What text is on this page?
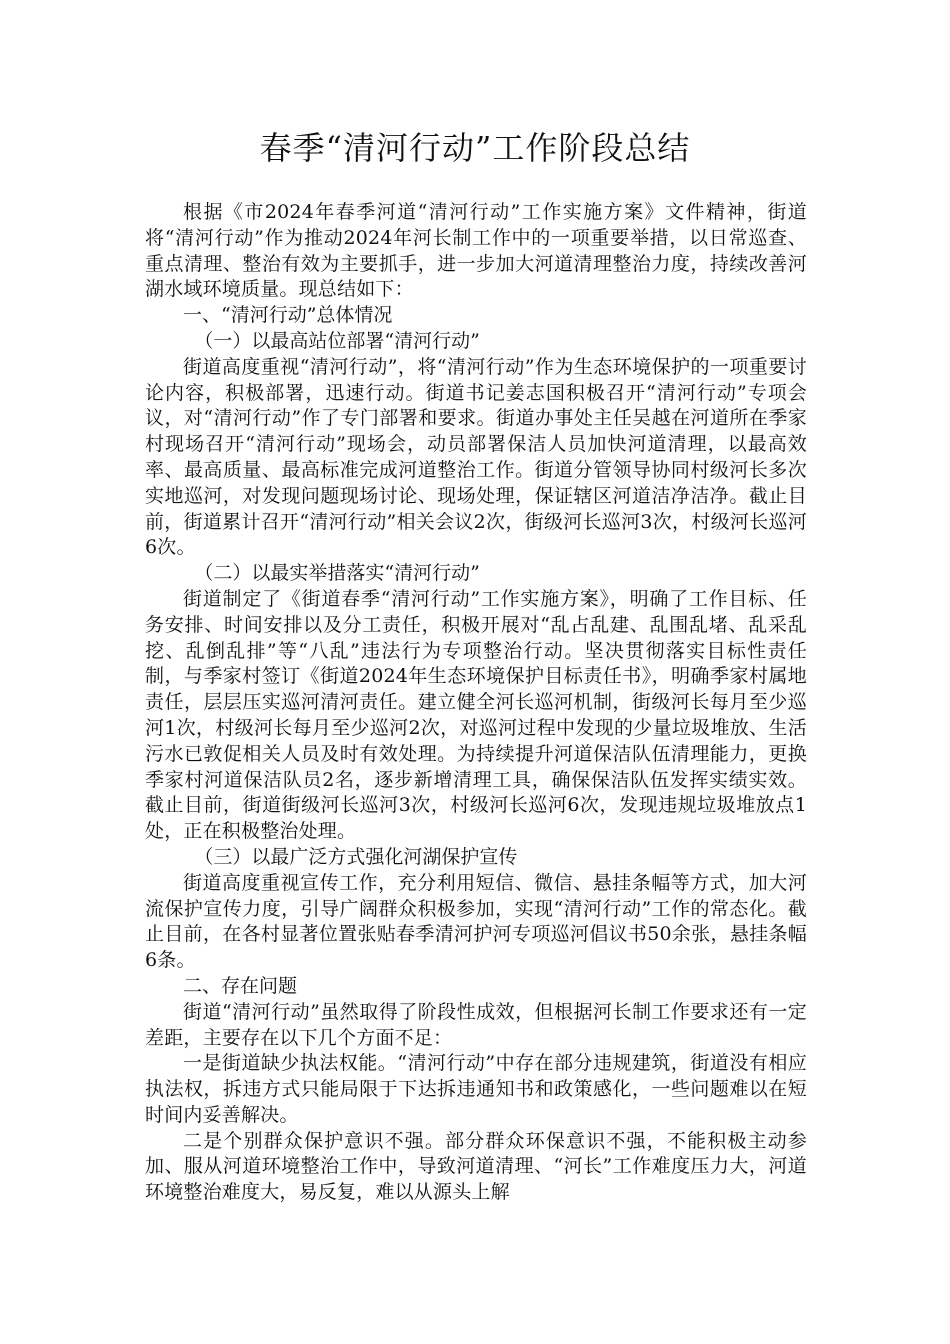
春季“清河行动”工作阶段总结

根据《市2024年春季河道“清河行动”工作实施方案》文件精神，街道将“清河行动”作为推动2024年河长制工作中的一项重要举措，以日常巡查、重点清理、整治有效为主要抓手，进一步加大河道清理整治力度，持续改善河湖水域环境质量。现总结如下：

一、“清河行动”总体情况

（一）以最高站位部署“清河行动”

街道高度重视“清河行动”，将“清河行动”作为生态环境保护的一项重要讨论内容，积极部署，迅速行动。街道书记姜志国积极召开“清河行动”专项会议，对“清河行动”作了专门部署和要求。街道办事处主任吴越在河道所在季家村现场召开“清河行动”现场会，动员部署保洁人员加快河道清理，以最高效率、最高质量、最高标准完成河道整治工作。街道分管领导协同村级河长多次实地巡河，对发现问题现场讨论、现场处理，保证辖区河道洁净洁净。截止目前，街道累计召开“清河行动”相关会议2次，街级河长巡河3次，村级河长巡河6次。

（二）以最实举措落实“清河行动”

街道制定了《街道春季“清河行动”工作实施方案》，明确了工作目标、任务安排、时间安排以及分工责任，积极开展对“乱占乱建、乱围乱堵、乱采乱挖、乱倒乱排”等“八乱”违法行为专项整治行动。坚决贯彻落实目标性责任制，与季家村签订《街道2024年生态环境保护目标责任书》，明确季家村属地责任，层层压实巡河清河责任。建立健全河长巡河机制，街级河长每月至少巡河1次，村级河长每月至少巡河2次，对巡河过程中发现的少量垃圾堆放、生活污水已敦促相关人员及时有效处理。为持续提升河道保洁队伍清理能力，更换季家村河道保洁队员2名，逐步新增清理工具，确保保洁队伍发挥实绩实效。截止目前，街道街级河长巡河3次，村级河长巡河6次，发现违规垃圾堆放点1处，正在积极整治处理。

（三）以最广泛方式强化河湖保护宣传

街道高度重视宣传工作，充分利用短信、微信、悬挂条幅等方式，加大河流保护宣传力度，引导广阔群众积极参加，实现“清河行动”工作的常态化。截止目前，在各村显著位置张贴春季清河护河专项巡河倡议书50余张，悬挂条幅6条。

二、存在问题

街道“清河行动”虽然取得了阶段性成效，但根据河长制工作要求还有一定差距，主要存在以下几个方面不足：

一是街道缺少执法权能。“清河行动”中存在部分违规建筑，街道没有相应执法权，拆违方式只能局限于下达拆违通知书和政策感化，一些问题难以在短时间内妥善解决。

二是个别群众保护意识不强。部分群众环保意识不强，不能积极主动参加、服从河道环境整治工作中，导致河道清理、“河长”工作难度压力大，河道环境整治难度大，易反复，难以从源头上解
